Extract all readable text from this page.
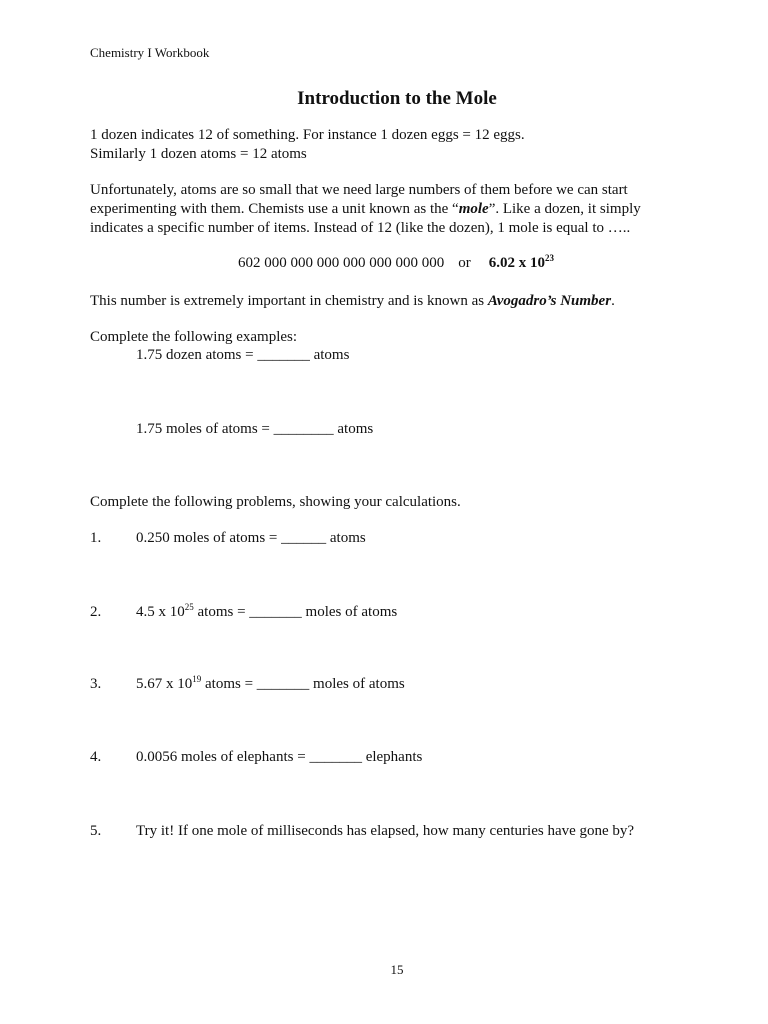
Chemistry I Workbook
Introduction to the Mole
1 dozen indicates 12 of something. For instance 1 dozen eggs = 12 eggs.
Similarly 1 dozen atoms = 12 atoms
Unfortunately, atoms are so small that we need large numbers of them before we can start
experimenting with them. Chemists use a unit known as the “mole”. Like a dozen, it simply
indicates a specific number of items. Instead of 12 (like the dozen), 1 mole is equal to …..
602 000 000 000 000 000 000 000 or 6.02 x $10^{23}$
This number is extremely important in chemistry and is known as Avogadro’s Number.
Complete the following examples:
1.75 dozen atoms = _______ atoms
1.75 moles of atoms = ________ atoms
Complete the following problems, showing your calculations.
1. 0.250 moles of atoms = ______ atoms
2. 4.5 x $10^{25}$ atoms = _______ moles of atoms
3. 5.67 x $10^{19}$ atoms = _______ moles of atoms
4. 0.0056 moles of elephants = _______ elephants
5. Try it! If one mole of milliseconds has elapsed, how many centuries have gone by?
15
